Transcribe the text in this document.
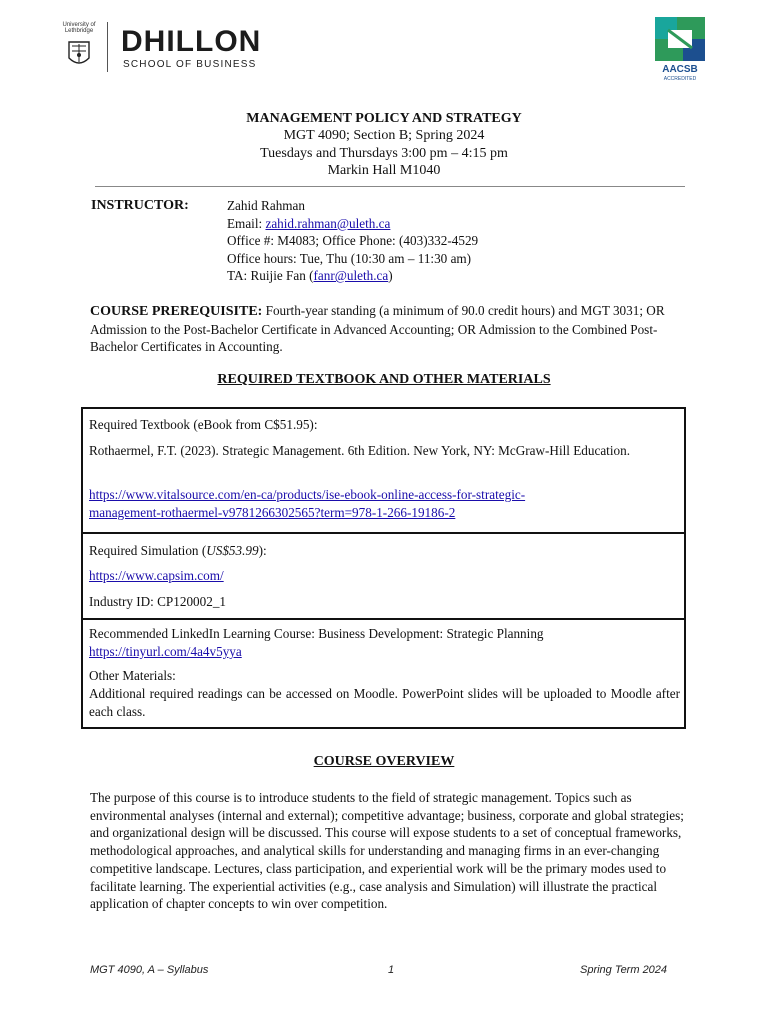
University of
Lethbridge DHILLON
SCHOOL OF BUSINESS	AACSB
ACCREDITED
MANAGEMENT POLICY AND STRATEGY
MGT 4090; Section B; Spring 2024
Tuesdays and Thursdays 3:00 pm – 4:15 pm
Markin Hall M1040
INSTRUCTOR:	Zahid Rahman
Email: zahid.rahman@uleth.ca
Office #: M4083; Office Phone: (403)332-4529
Office hours: Tue, Thu (10:30 am – 11:30 am)
TA: Ruijie Fan (fanr@uleth.ca)
COURSE PREREQUISITE: Fourth-year standing (a minimum of 90.0 credit hours) and MGT 3031; OR Admission to the Post-Bachelor Certificate in Advanced Accounting; OR Admission to the Combined Post-Bachelor Certificates in Accounting.
REQUIRED TEXTBOOK AND OTHER MATERIALS
Required Textbook (eBook from C$51.95):
Rothaermel, F.T. (2023). Strategic Management. 6th Edition. New York, NY: McGraw-Hill Education.
https://www.vitalsource.com/en-ca/products/ise-ebook-online-access-for-strategic-
management-rothaermel-v9781266302565?term=978-1-266-19186-2
Required Simulation (US$53.99):
https://www.capsim.com/
Industry ID: CP120002_1
Recommended LinkedIn Learning Course: Business Development: Strategic Planning
https://tinyurl.com/4a4v5yya
Other Materials:
Additional required readings can be accessed on Moodle. PowerPoint slides will be uploaded to Moodle after each class.
COURSE OVERVIEW
The purpose of this course is to introduce students to the field of strategic management. Topics such as environmental analyses (internal and external); competitive advantage; business, corporate and global strategies; and organizational design will be discussed. This course will expose students to a set of conceptual frameworks, methodological approaches, and analytical skills for understanding and managing firms in an ever-changing competitive landscape. Lectures, class participation, and experiential work will be the primary modes used to facilitate learning. The experiential activities (e.g., case analysis and Simulation) will illustrate the practical application of chapter concepts to win over competition.
MGT 4090, A – Syllabus	1	Spring Term 2024
